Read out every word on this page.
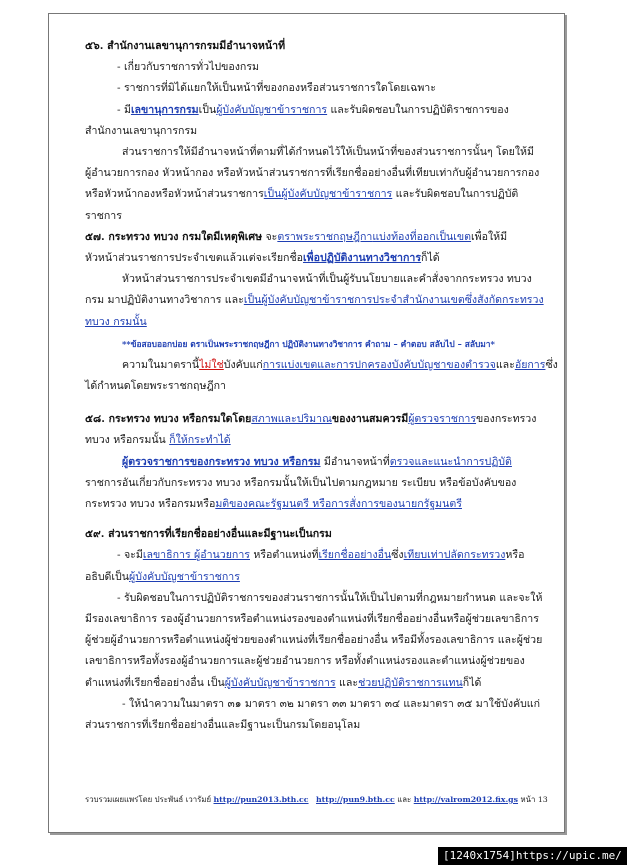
๕๖. สำนักงานเลขานุการกรมมีอำนาจหน้าที่

- เกี่ยวกับราชการทั่วไปของกรม

- ราชการที่มิได้แยกให้เป็นหน้าที่ของกองหรือส่วนราชการใดโดยเฉพาะ

- มีเลขานุการกรมเป็นผู้บังคับบัญชาข้าราชการ และรับผิดชอบในการปฏิบัติราชการของ

สำนักงานเลขานุการกรม

ส่วนราชการให้มีอำนาจหน้าที่ตามที่ได้กำหนดไว้ให้เป็นหน้าที่ของส่วนราชการนั้นๆ โดยให้มี

ผู้อำนวยการกอง หัวหน้ากอง หรือหัวหน้าส่วนราชการที่เรียกชื่ออย่างอื่นที่เทียบเท่ากับผู้อำนวยการกอง

หรือหัวหน้ากองหรือหัวหน้าส่วนราชการเป็นผู้บังคับบัญชาข้าราชการ และรับผิดชอบในการปฏิบัติ

ราชการ

๕๗. กระทรวง ทบวง กรมใดมีเหตุพิเศษ จะตราพระราชกฤษฎีกาแบ่งท้องที่ออกเป็นเขตเพื่อให้มี

หัวหน้าส่วนราชการประจำเขตแล้วแต่จะเรียกชื่อเพื่อปฏิบัติงานทางวิชาการก็ได้

หัวหน้าส่วนราชการประจำเขตมีอำนาจหน้าที่เป็นผู้รับนโยบายและคำสั่งจากกระทรวง ทบวง

กรม มาปฏิบัติงานทางวิชาการ และเป็นผู้บังคับบัญชาข้าราชการประจำสำนักงานเขตซึ่งสังกัดกระทรวง

ทบวง กรมนั้น

**ข้อสอบออกบ่อย ตราเป็นพระราชกฤษฎีกา ปฏิบัติงานทางวิชาการ คำถาม – คำตอบ สลับไป – สลับมา*

ความในมาตรานี้ไม่ใช่บังคับแก่การแบ่งเขตและการปกครองบังคับบัญชาของตำรวจและอัยการซึ่ง

ได้กำหนดโดยพระราชกฤษฎีกา

๕๘. กระทรวง ทบวง หรือกรมใดโดยสภาพและปริมาณของงานสมควรมีผู้ตรวจราชการของกระทรวง

ทบวง หรือกรมนั้น ก็ให้กระทำได้

ผู้ตรวจราชการของกระทรวง ทบวง หรือกรม มีอำนาจหน้าที่ตรวจและแนะนำการปฏิบัติ

ราชการอันเกี่ยวกับกระทรวง ทบวง หรือกรมนั้นให้เป็นไปตามกฎหมาย ระเบียบ หรือข้อบังคับของ

กระทรวง ทบวง หรือกรมหรือมติของคณะรัฐมนตรี หรือการสั่งการของนายกรัฐมนตรี

๕๙. ส่วนราชการที่เรียกชื่ออย่างอื่นและมีฐานะเป็นกรม

- จะมีเลขาธิการ ผู้อำนวยการ หรือตำแหน่งที่เรียกชื่ออย่างอื่นซึ่งเทียบเท่าปลัดกระทรวงหรือ

อธิบดีเป็นผู้บังคับบัญชาข้าราชการ

- รับผิดชอบในการปฏิบัติราชการของส่วนราชการนั้นให้เป็นไปตามที่กฎหมายกำหนด และจะให้

มีรองเลขาธิการ รองผู้อำนวยการหรือตำแหน่งรองของตำแหน่งที่เรียกชื่ออย่างอื่นหรือผู้ช่วยเลขาธิการ

ผู้ช่วยผู้อำนวยการหรือตำแหน่งผู้ช่วยของตำแหน่งที่เรียกชื่ออย่างอื่น หรือมีทั้งรองเลขาธิการ และผู้ช่วย

เลขาธิการหรือทั้งรองผู้อำนวยการและผู้ช่วยอำนวยการ หรือทั้งตำแหน่งรองและตำแหน่งผู้ช่วยของ

ตำแหน่งที่เรียกชื่ออย่างอื่น เป็นผู้บังคับบัญชาข้าราชการ และช่วยปฏิบัติราชการแทนก็ได้

- ให้นำความในมาตรา ๓๑ มาตรา ๓๒ มาตรา ๓๓ มาตรา ๓๔ และมาตรา ๓๕ มาใช้บังคับแก่

ส่วนราชการที่เรียกชื่ออย่างอื่นและมีฐานะเป็นกรมโดยอนุโลม

รวบรวมเผยแพร่โดย ประพันธ์ เวารัมย์ http://pun2013.bth.cc http://pun9.bth.cc และ http://valrom2012.fix.gs หน้า 13
[1240x1754]https://upic.me/
